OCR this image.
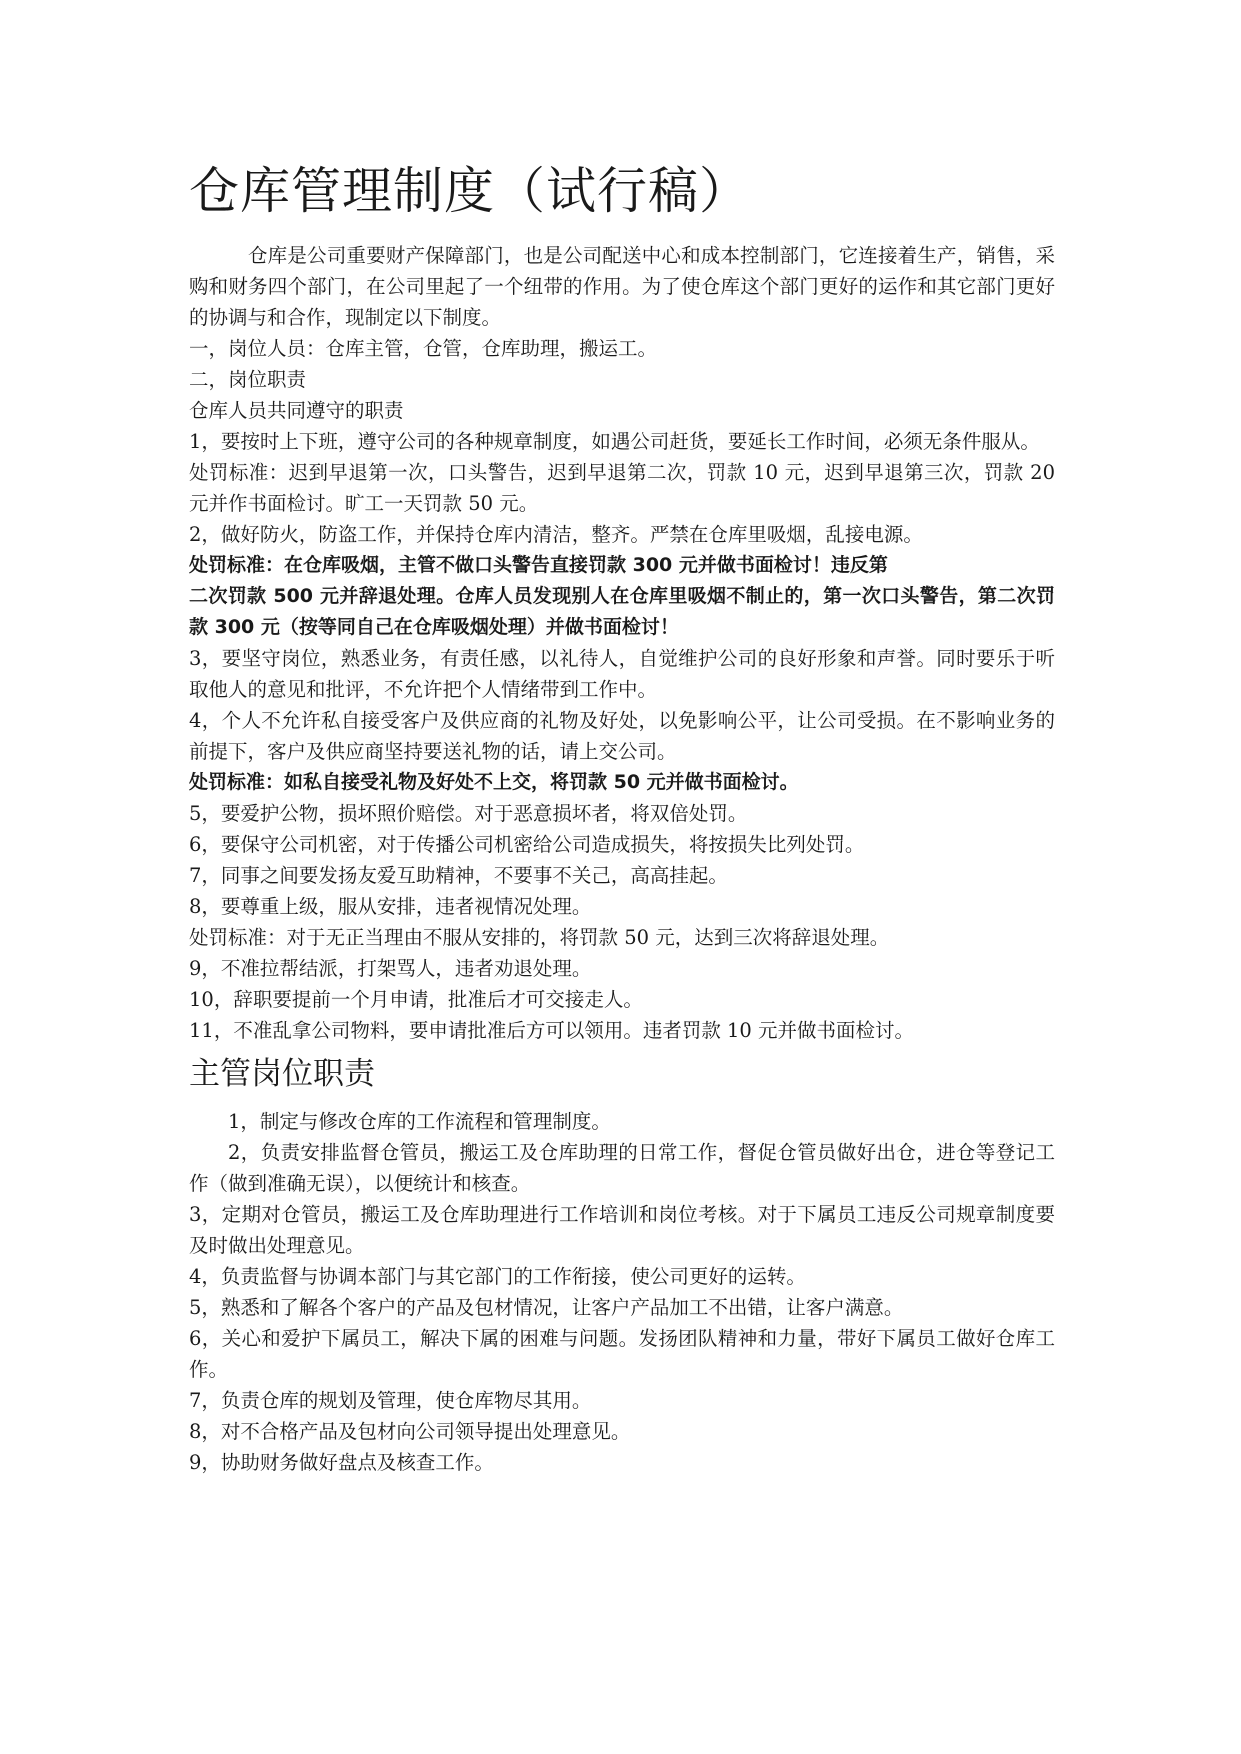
仓库管理制度（试行稿）

仓库是公司重要财产保障部门，也是公司配送中心和成本控制部门，它连接着生产，销售，采购和财务四个部门，在公司里起了一个纽带的作用。为了使仓库这个部门更好的运作和其它部门更好的协调与和合作，现制定以下制度。

一，岗位人员：仓库主管，仓管，仓库助理，搬运工。

二，岗位职责

仓库人员共同遵守的职责

1，要按时上下班，遵守公司的各种规章制度，如遇公司赶货，要延长工作时间，必须无条件服从。

处罚标准：迟到早退第一次，口头警告，迟到早退第二次，罚款 10 元，迟到早退第三次，罚款 20 元并作书面检讨。旷工一天罚款 50 元。

2，做好防火，防盗工作，并保持仓库内清洁，整齐。严禁在仓库里吸烟，乱接电源。

处罚标准：在仓库吸烟，主管不做口头警告直接罚款 300 元并做书面检讨！违反第

二次罚款 500 元并辞退处理。仓库人员发现别人在仓库里吸烟不制止的，第一次口头警告，第二次罚款 300 元（按等同自己在仓库吸烟处理）并做书面检讨！

3，要坚守岗位，熟悉业务，有责任感，以礼待人，自觉维护公司的良好形象和声誉。同时要乐于听取他人的意见和批评，不允许把个人情绪带到工作中。

4，个人不允许私自接受客户及供应商的礼物及好处，以免影响公平，让公司受损。在不影响业务的前提下，客户及供应商坚持要送礼物的话，请上交公司。

处罚标准：如私自接受礼物及好处不上交，将罚款 50 元并做书面检讨。

5，要爱护公物，损坏照价赔偿。对于恶意损坏者，将双倍处罚。

6，要保守公司机密，对于传播公司机密给公司造成损失，将按损失比列处罚。

7，同事之间要发扬友爱互助精神，不要事不关己，高高挂起。

8，要尊重上级，服从安排，违者视情况处理。

处罚标准：对于无正当理由不服从安排的，将罚款 50 元，达到三次将辞退处理。

9，不准拉帮结派，打架骂人，违者劝退处理。

10，辞职要提前一个月申请，批准后才可交接走人。

11，不准乱拿公司物料，要申请批准后方可以领用。违者罚款 10 元并做书面检讨。

主管岗位职责

1，制定与修改仓库的工作流程和管理制度。

2，负责安排监督仓管员，搬运工及仓库助理的日常工作，督促仓管员做好出仓，进仓等登记工作（做到准确无误），以便统计和核查。

3，定期对仓管员，搬运工及仓库助理进行工作培训和岗位考核。对于下属员工违反公司规章制度要及时做出处理意见。

4，负责监督与协调本部门与其它部门的工作衔接，使公司更好的运转。

5，熟悉和了解各个客户的产品及包材情况，让客户产品加工不出错，让客户满意。

6，关心和爱护下属员工，解决下属的困难与问题。发扬团队精神和力量，带好下属员工做好仓库工作。

7，负责仓库的规划及管理，使仓库物尽其用。

8，对不合格产品及包材向公司领导提出处理意见。

9，协助财务做好盘点及核查工作。
